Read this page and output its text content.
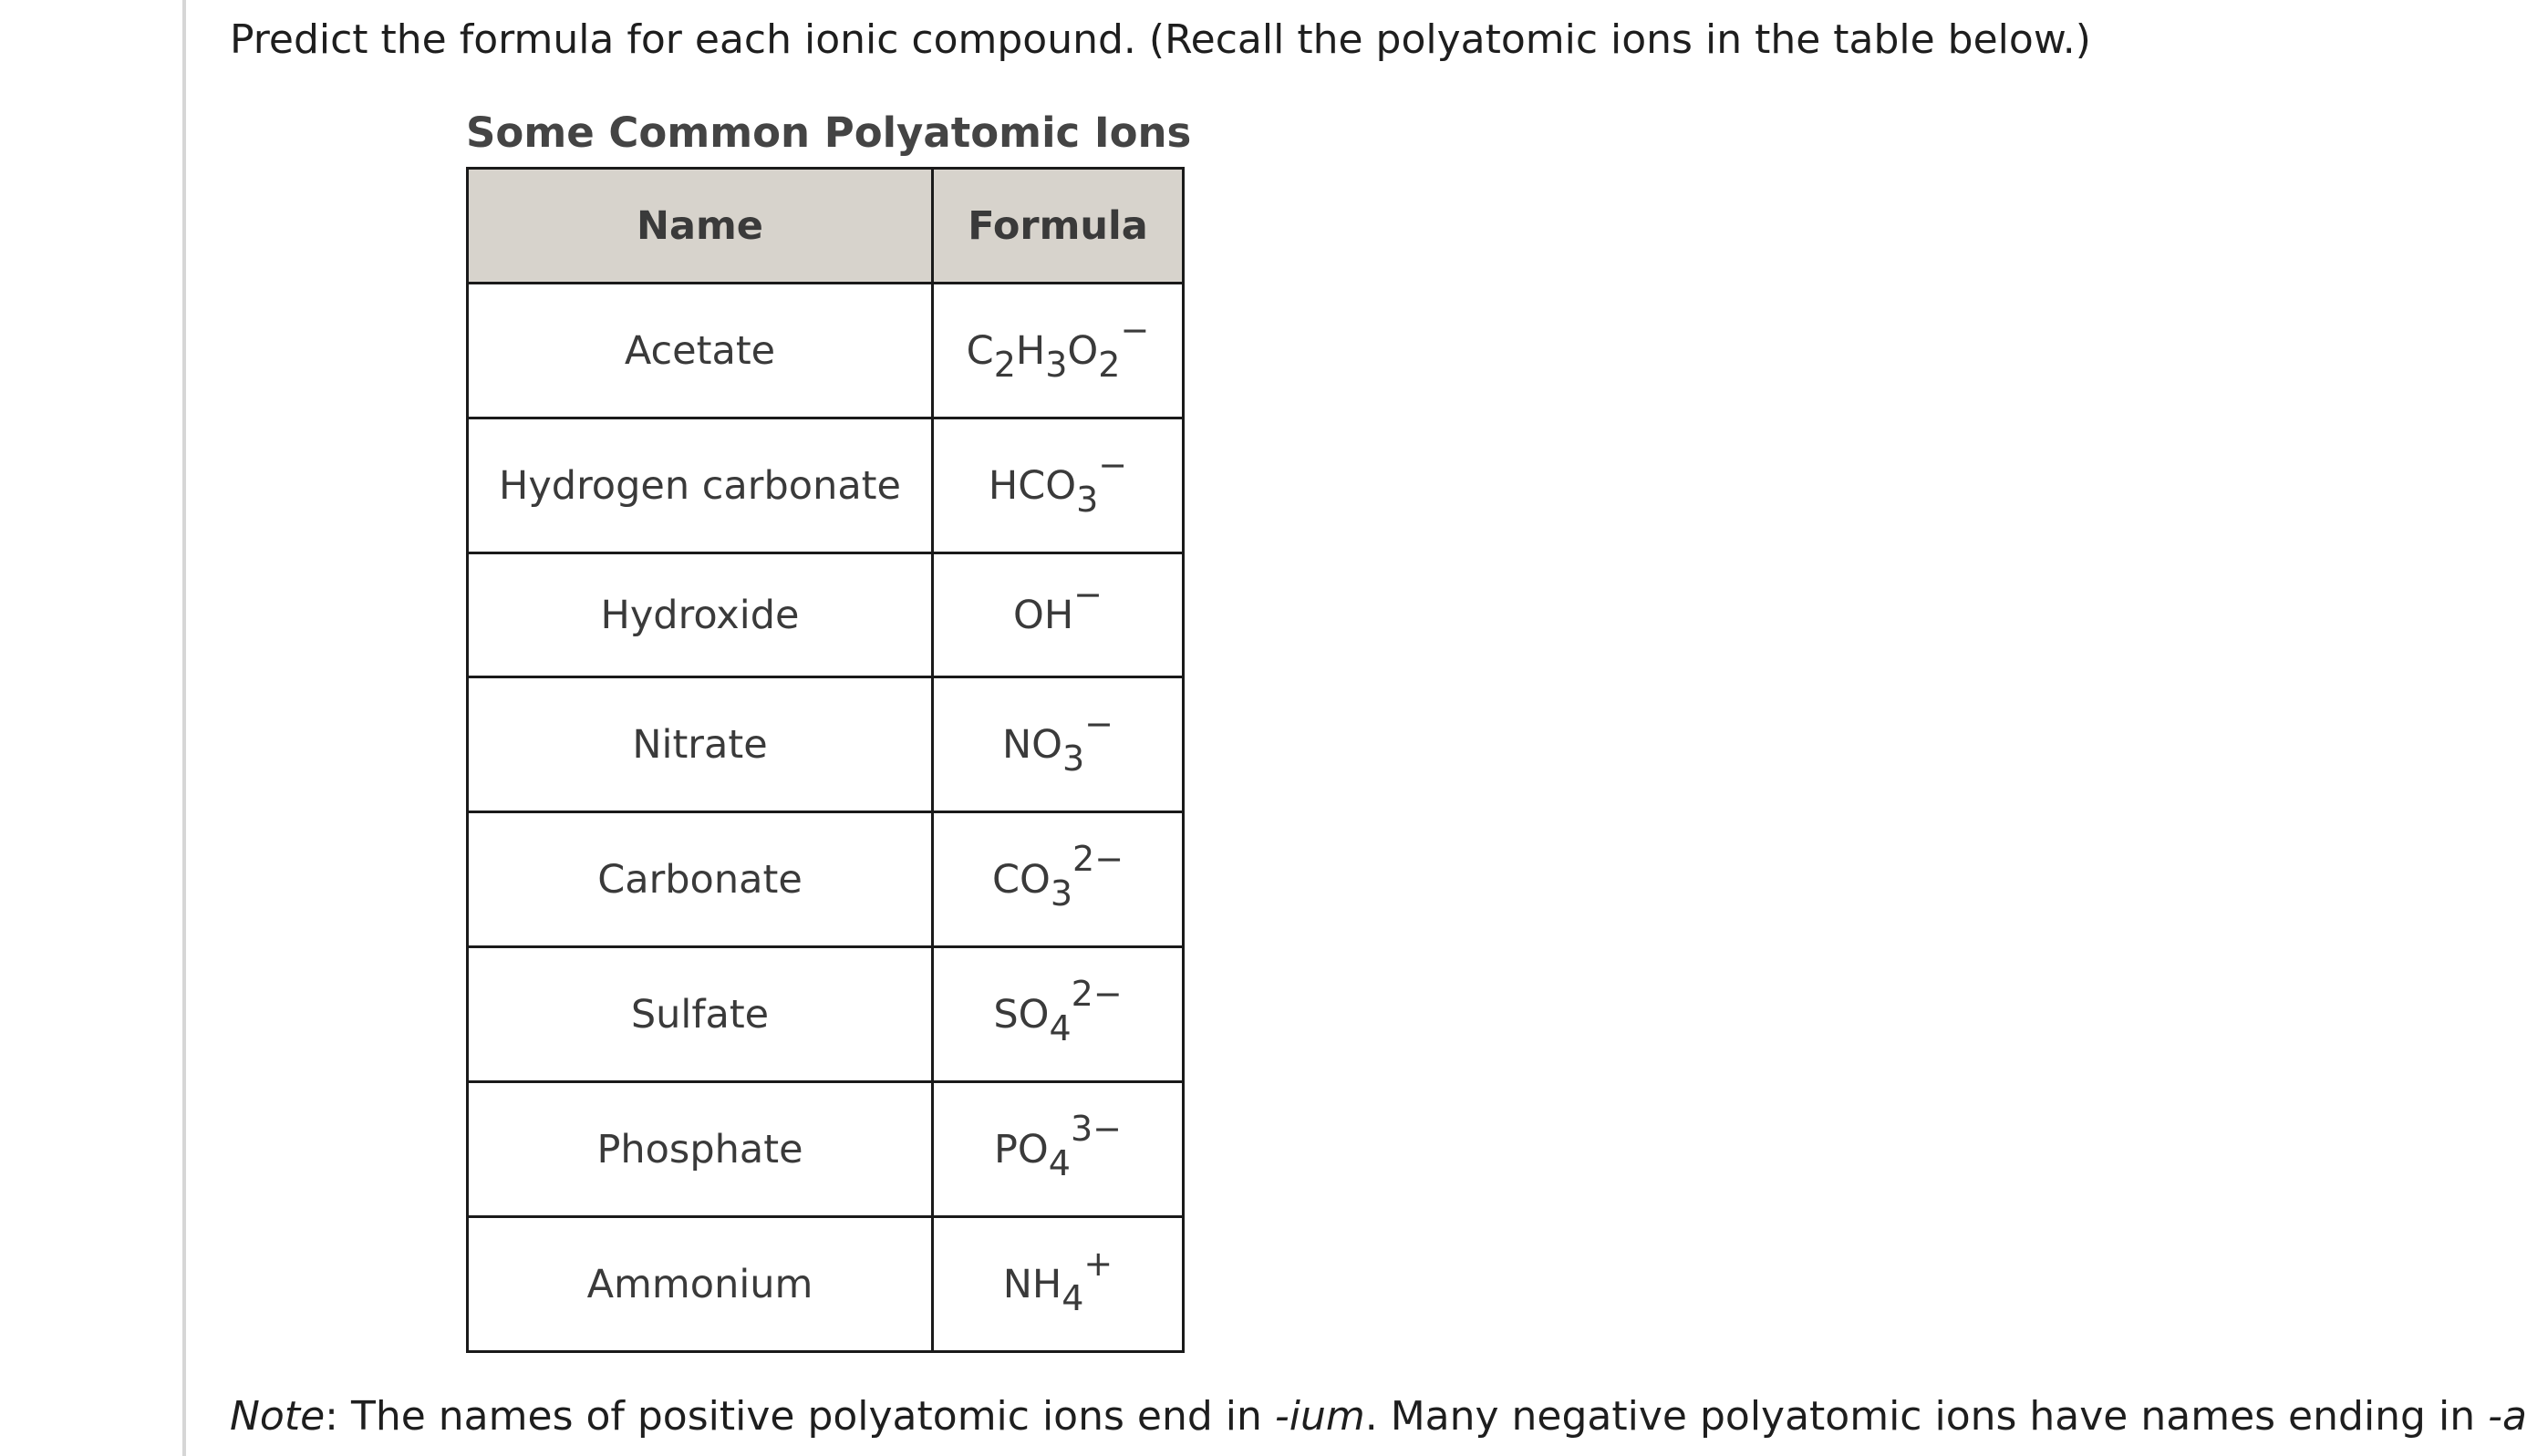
Predict the formula for each ionic compound. (Recall the polyatomic ions in the table below.)
Some Common Polyatomic Ions
Name	Formula
Acetate	$C_2H_3O_2^-$
Hydrogen carbonate	$HCO_3^-$
Hydroxide	OH−
Nitrate	$NO_3^-$
Carbonate	$CO_3^{2-}$
Sulfate	$SO_4^{2-}$
Phosphate	$PO_4^{3-}$
Ammonium	$NH_4^+$
Note: The names of positive polyatomic ions end in -ium. Many negative polyatomic ions have names ending in -a
